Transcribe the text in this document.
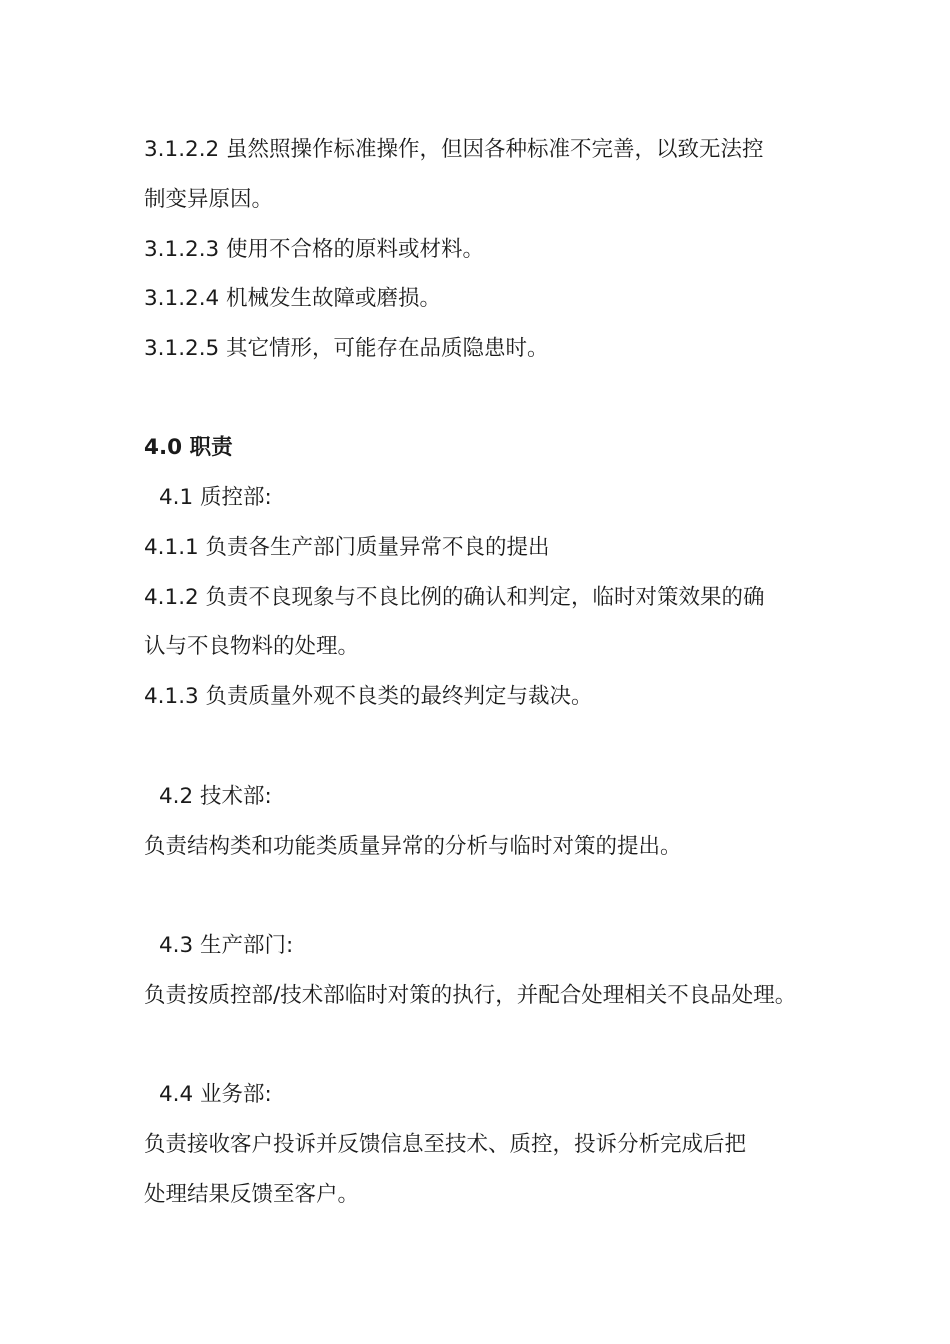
3.1.2.2 虽然照操作标准操作，但因各种标准不完善，以致无法控
制变异原因。
3.1.2.3 使用不合格的原料或材料。
3.1.2.4 机械发生故障或磨损。
3.1.2.5 其它情形，可能存在品质隐患时。
4.0 职责
4.1 质控部:
4.1.1 负责各生产部门质量异常不良的提出
4.1.2 负责不良现象与不良比例的确认和判定，临时对策效果的确
认与不良物料的处理。
4.1.3 负责质量外观不良类的最终判定与裁决。
4.2 技术部:
负责结构类和功能类质量异常的分析与临时对策的提出。
4.3 生产部门:
负责按质控部/技术部临时对策的执行，并配合处理相关不良品处理。
4.4 业务部:
负责接收客户投诉并反馈信息至技术、质控，投诉分析完成后把
处理结果反馈至客户。
